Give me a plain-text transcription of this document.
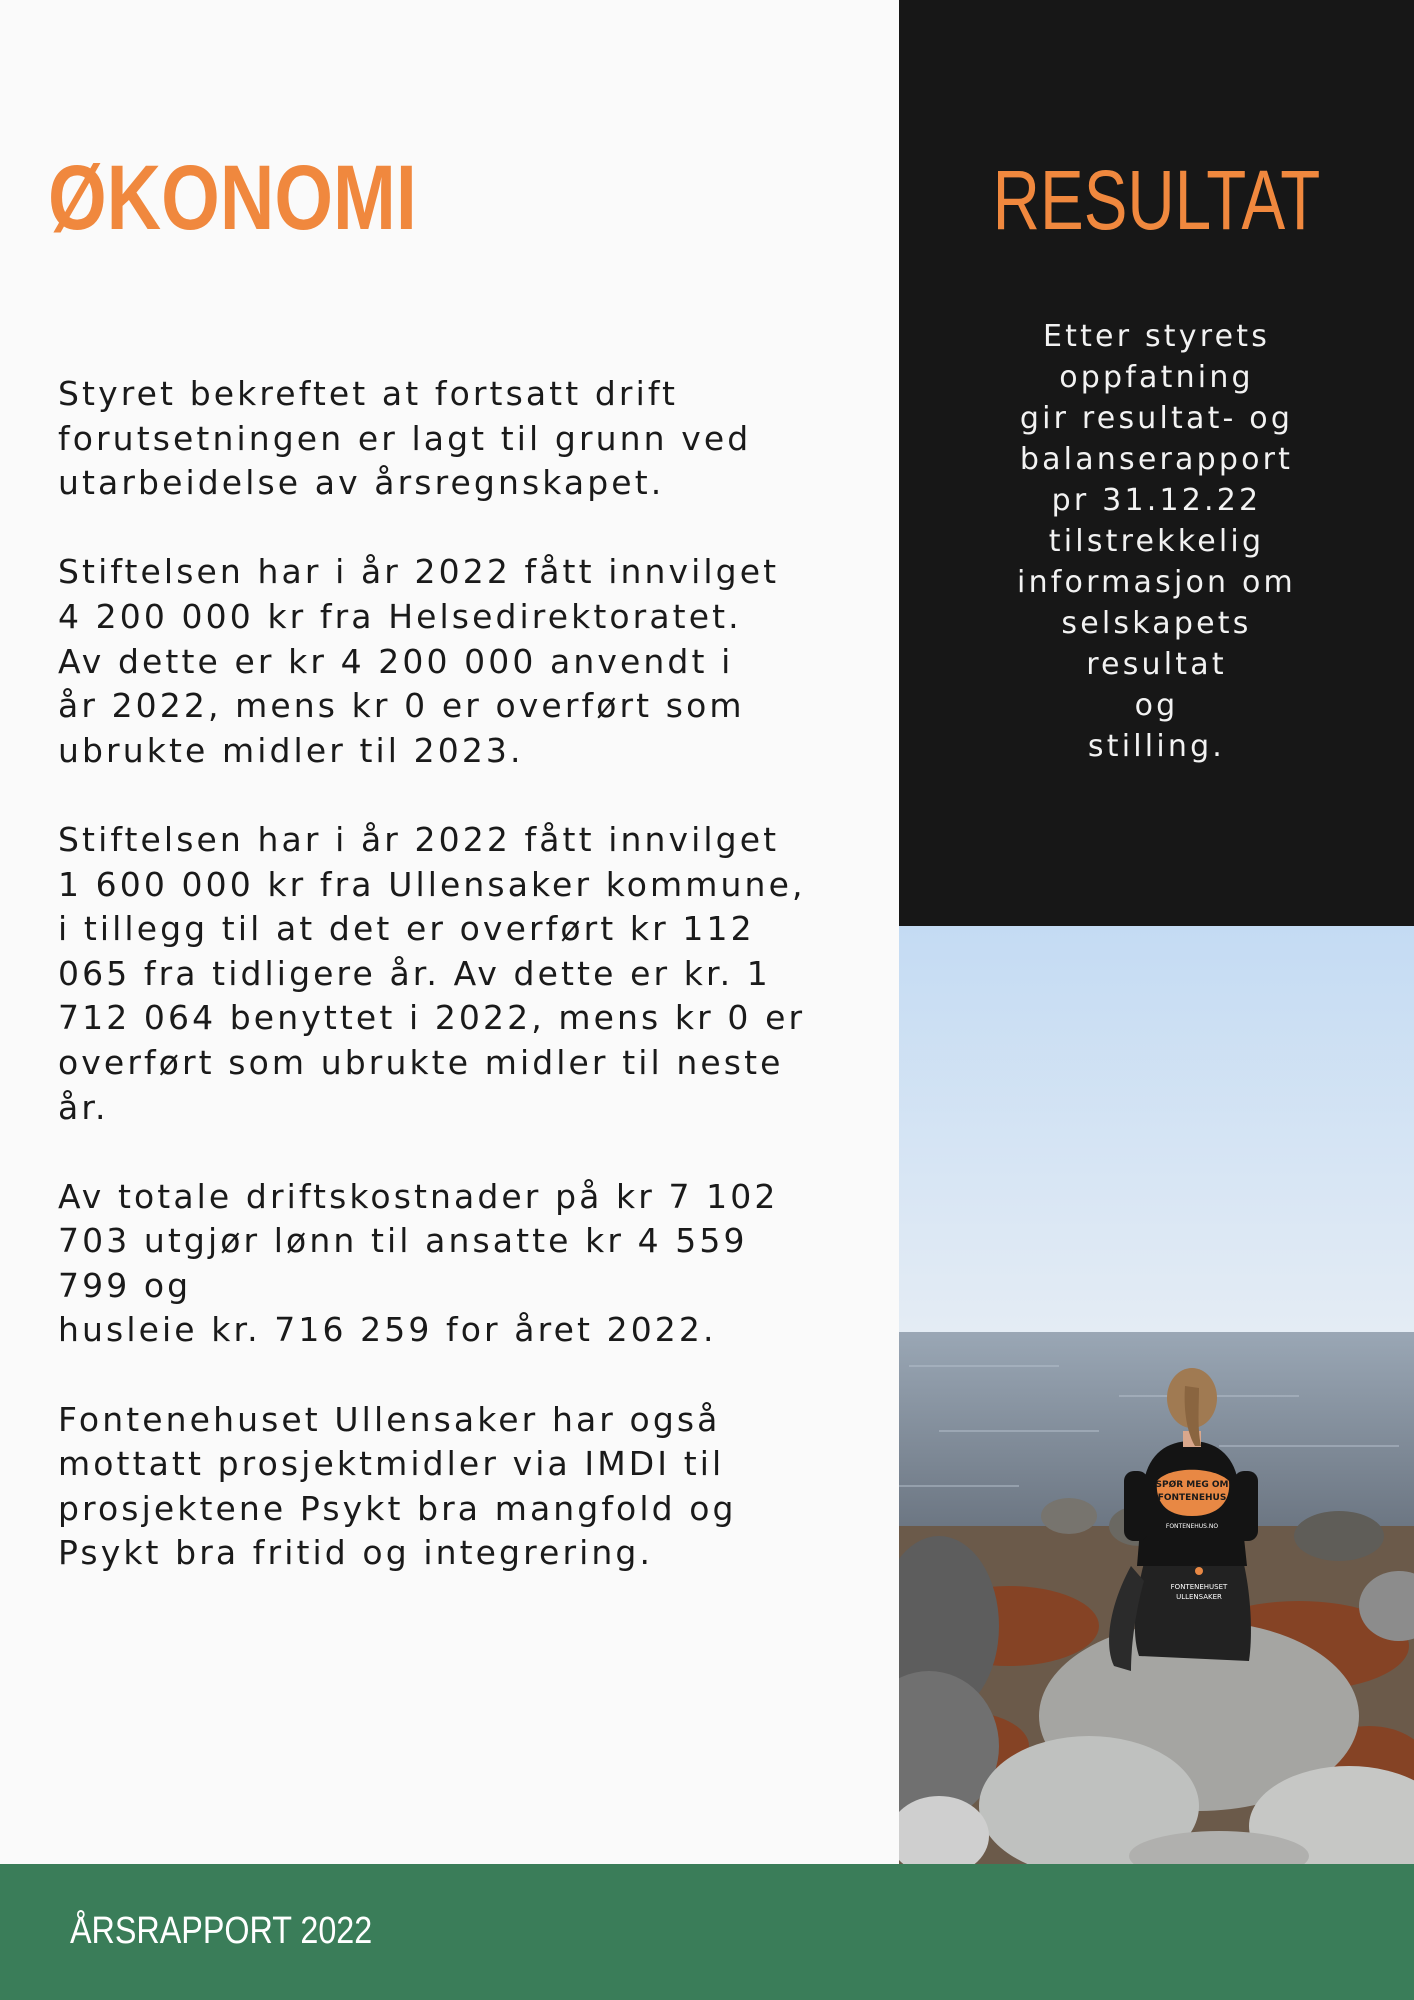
ØKONOMI

Styret bekreftet at fortsatt drift
forutsetningen er lagt til grunn ved
utarbeidelse av årsregnskapet.

Stiftelsen har i år 2022 fått innvilget
4 200 000 kr fra Helsedirektoratet.
Av dette er kr 4 200 000 anvendt i
år 2022, mens kr 0 er overført som
ubrukte midler til 2023.

Stiftelsen har i år 2022 fått innvilget
1 600 000 kr fra Ullensaker kommune,
i tillegg til at det er overført kr 112
065 fra tidligere år. Av dette er kr. 1
712 064 benyttet i 2022, mens kr 0 er
overført som ubrukte midler til neste
år.

Av totale driftskostnader på kr 7 102
703 utgjør lønn til ansatte kr 4 559
799 og
husleie kr. 716 259 for året 2022.

Fontenehuset Ullensaker har også
mottatt prosjektmidler via IMDI til
prosjektene Psykt bra mangfold og
Psykt bra fritid og integrering.

RESULTAT
Etter styrets
oppfatning
gir resultat- og
balanserapport
pr 31.12.22
tilstrekkelig
informasjon om
selskapets
resultat
og
stilling.
SPØR MEG OM
FONTENEHUS
FONTENEHUS.NO
FONTENEHUSET
ULLENSAKER
ÅRSRAPPORT 2022
